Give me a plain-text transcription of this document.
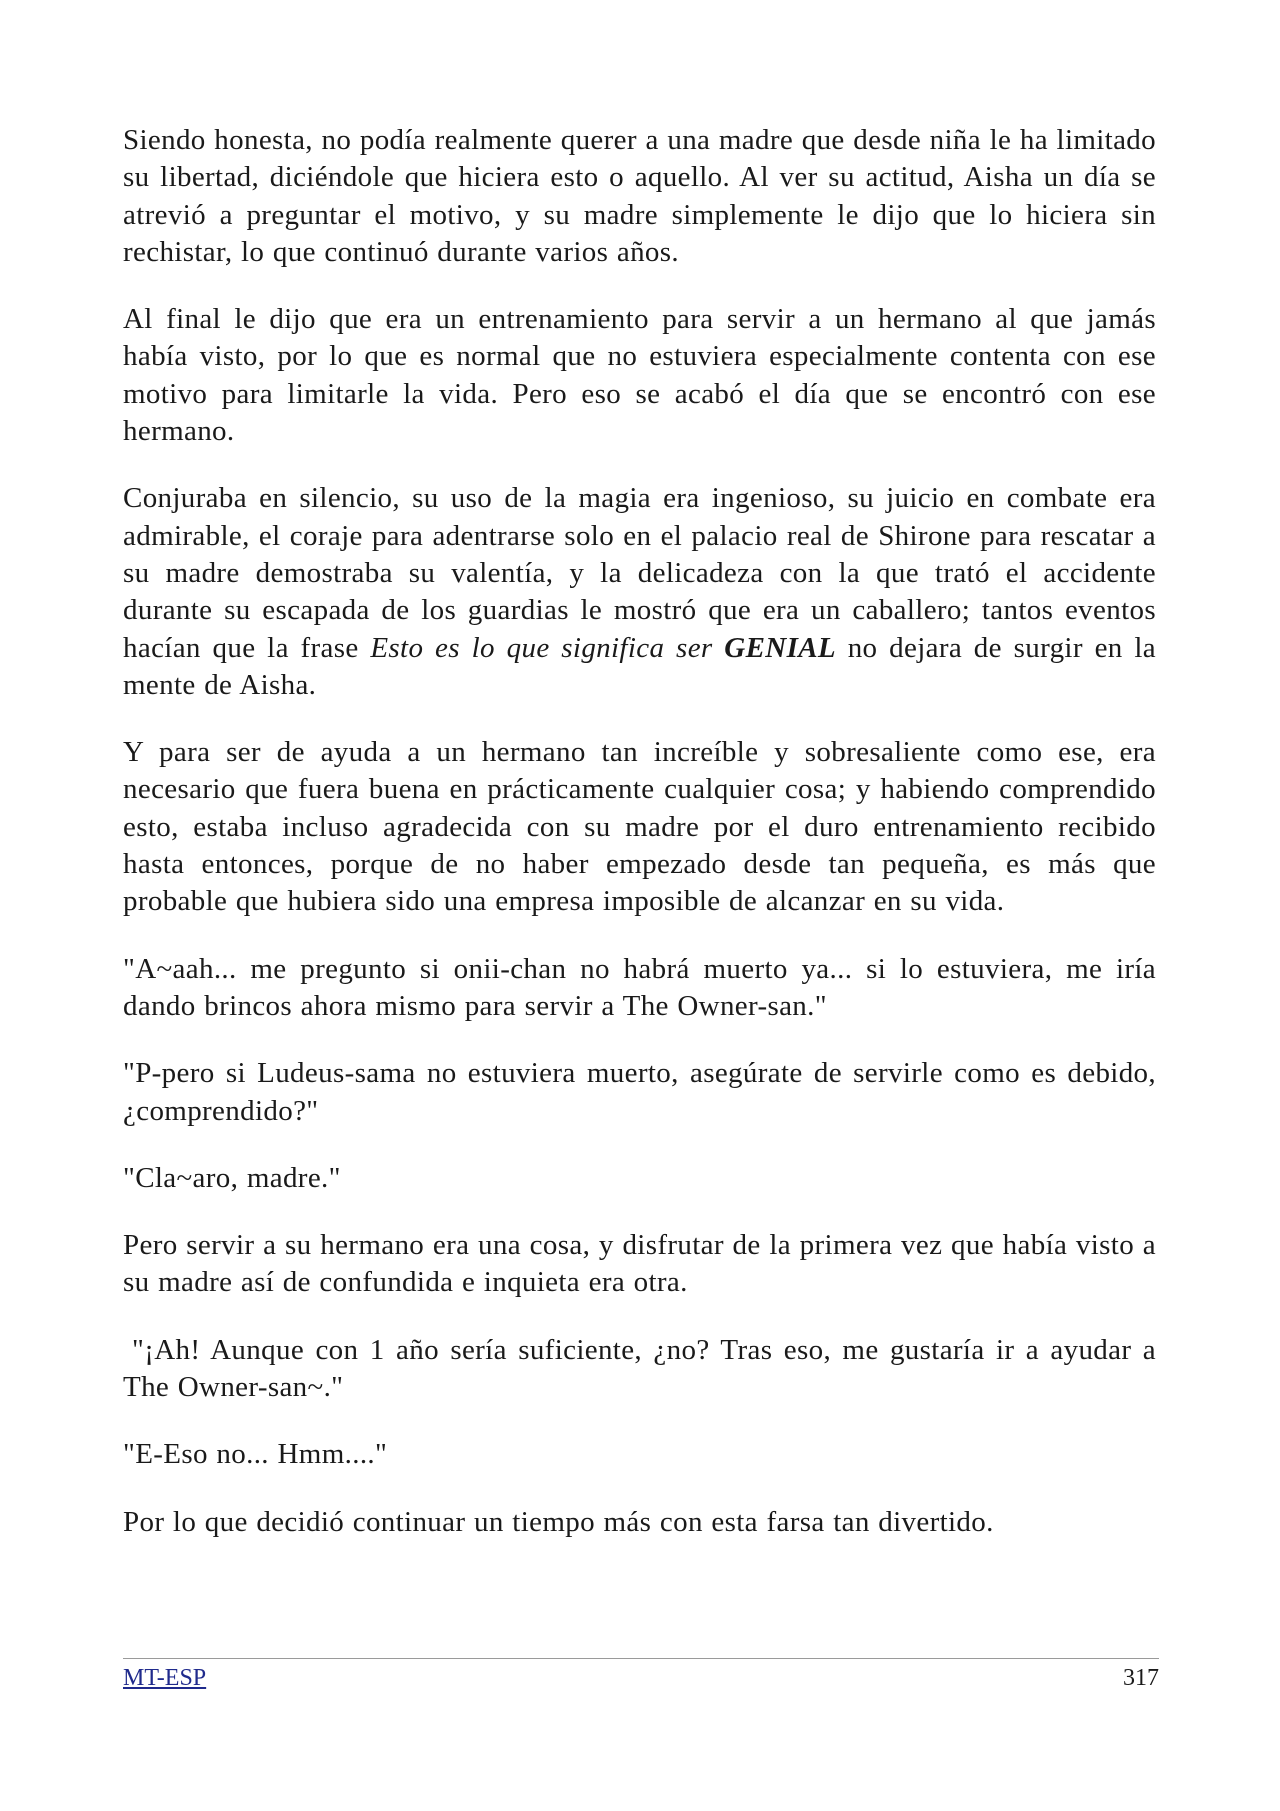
Siendo honesta, no podía realmente querer a una madre que desde niña le ha limitado su libertad, diciéndole que hiciera esto o aquello. Al ver su actitud, Aisha un día se atrevió a preguntar el motivo, y su madre simplemente le dijo que lo hiciera sin rechistar, lo que continuó durante varios años.

Al final le dijo que era un entrenamiento para servir a un hermano al que jamás había visto, por lo que es normal que no estuviera especialmente contenta con ese motivo para limitarle la vida. Pero eso se acabó el día que se encontró con ese hermano.

Conjuraba en silencio, su uso de la magia era ingenioso, su juicio en combate era admirable, el coraje para adentrarse solo en el palacio real de Shirone para rescatar a su madre demostraba su valentía, y la delicadeza con la que trató el accidente durante su escapada de los guardias le mostró que era un caballero; tantos eventos hacían que la frase Esto es lo que significa ser GENIAL no dejara de surgir en la mente de Aisha.

Y para ser de ayuda a un hermano tan increíble y sobresaliente como ese, era necesario que fuera buena en prácticamente cualquier cosa; y habiendo comprendido esto, estaba incluso agradecida con su madre por el duro entrenamiento recibido hasta entonces, porque de no haber empezado desde tan pequeña, es más que probable que hubiera sido una empresa imposible de alcanzar en su vida.

"A~aah... me pregunto si onii-chan no habrá muerto ya... si lo estuviera, me iría dando brincos ahora mismo para servir a The Owner-san."

"P-pero si Ludeus-sama no estuviera muerto, asegúrate de servirle como es debido, ¿comprendido?"

"Cla~aro, madre."

Pero servir a su hermano era una cosa, y disfrutar de la primera vez que había visto a su madre así de confundida e inquieta era otra.

"¡Ah! Aunque con 1 año sería suficiente, ¿no? Tras eso, me gustaría ir a ayudar a The Owner-san~."

"E-Eso no... Hmm...."

Por lo que decidió continuar un tiempo más con esta farsa tan divertido.

MT-ESP	317
